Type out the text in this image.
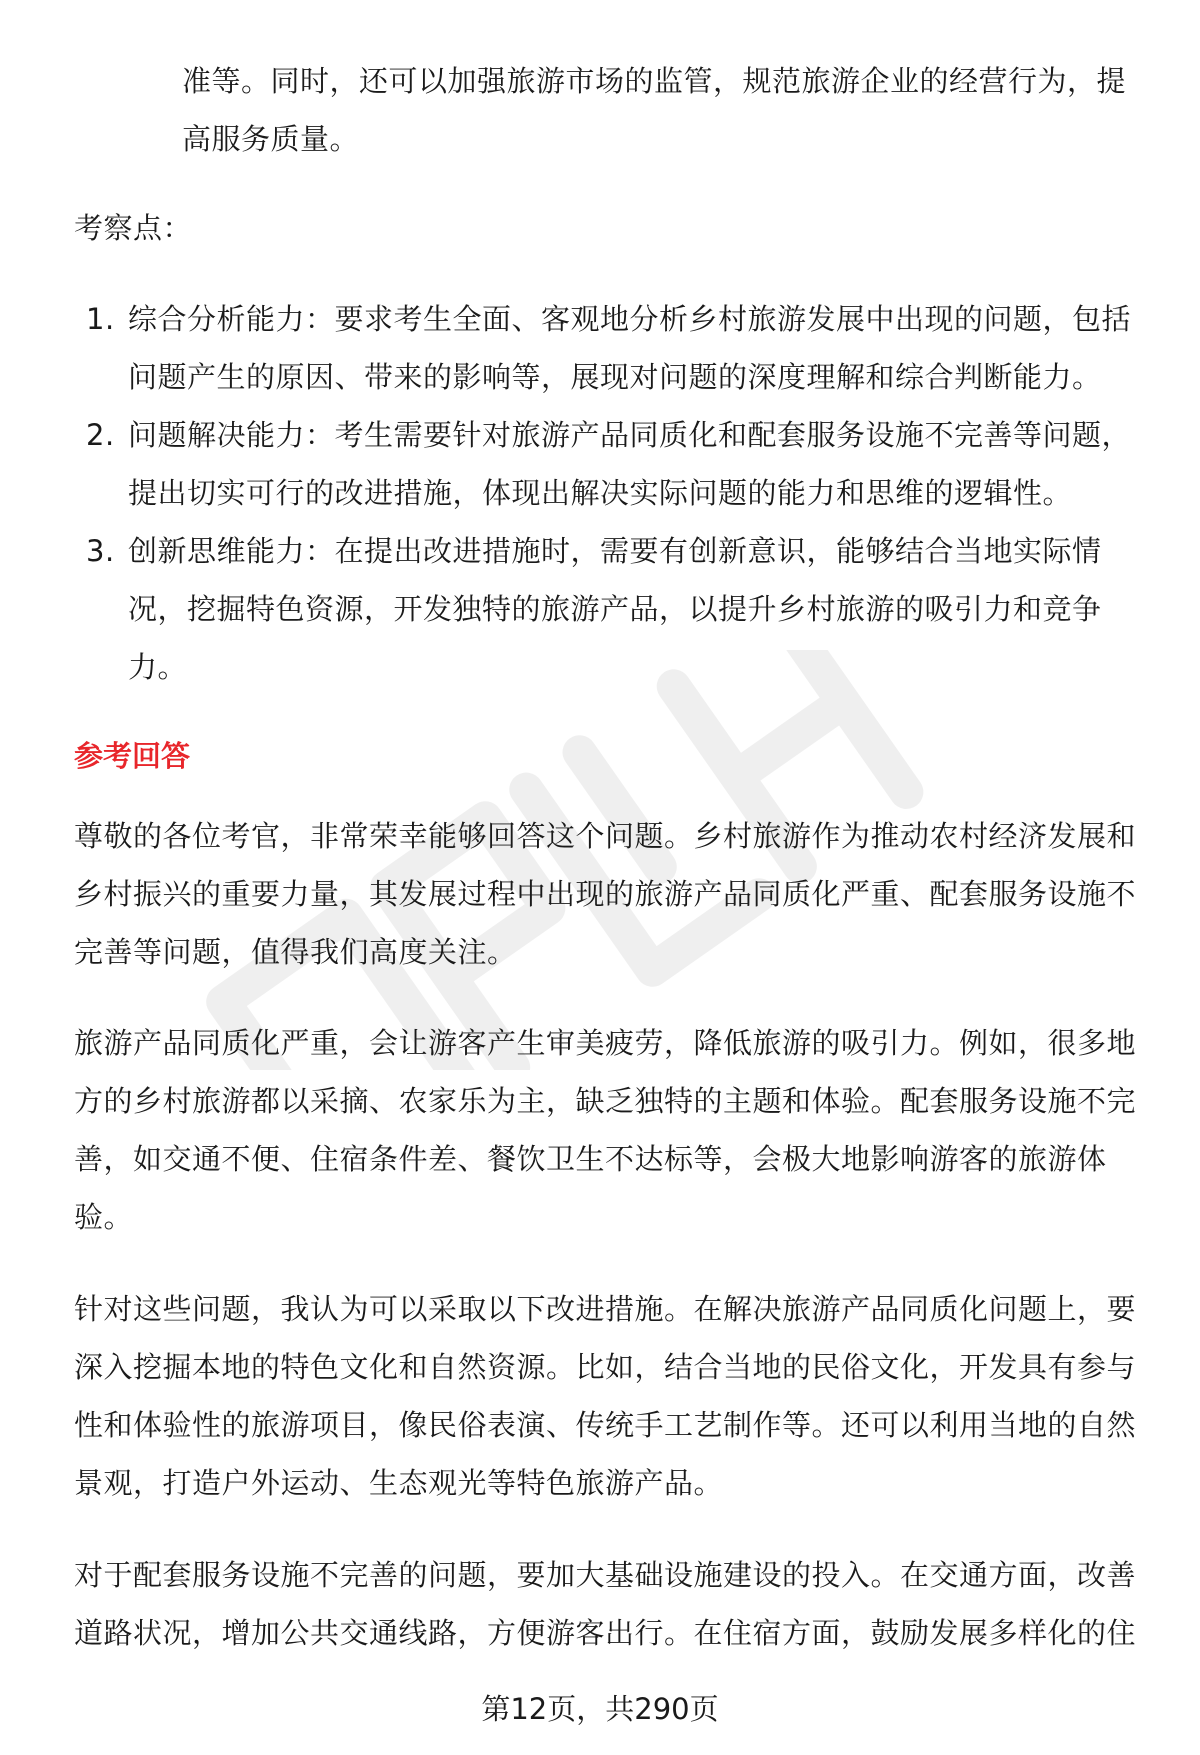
准等。同时，还可以加强旅游市场的监管，规范旅游企业的经营行为，提
高服务质量。
考察点：
1. 综合分析能力：要求考生全面、客观地分析乡村旅游发展中出现的问题，包括
问题产生的原因、带来的影响等，展现对问题的深度理解和综合判断能力。
2. 问题解决能力：考生需要针对旅游产品同质化和配套服务设施不完善等问题，
提出切实可行的改进措施，体现出解决实际问题的能力和思维的逻辑性。
3. 创新思维能力：在提出改进措施时，需要有创新意识，能够结合当地实际情
况，挖掘特色资源，开发独特的旅游产品，以提升乡村旅游的吸引力和竞争
力。
参考回答
尊敬的各位考官，非常荣幸能够回答这个问题。乡村旅游作为推动农村经济发展和
乡村振兴的重要力量，其发展过程中出现的旅游产品同质化严重、配套服务设施不
完善等问题，值得我们高度关注。
旅游产品同质化严重，会让游客产生审美疲劳，降低旅游的吸引力。例如，很多地
方的乡村旅游都以采摘、农家乐为主，缺乏独特的主题和体验。配套服务设施不完
善，如交通不便、住宿条件差、餐饮卫生不达标等，会极大地影响游客的旅游体
验。
针对这些问题，我认为可以采取以下改进措施。在解决旅游产品同质化问题上，要
深入挖掘本地的特色文化和自然资源。比如，结合当地的民俗文化，开发具有参与
性和体验性的旅游项目，像民俗表演、传统手工艺制作等。还可以利用当地的自然
景观，打造户外运动、生态观光等特色旅游产品。
对于配套服务设施不完善的问题，要加大基础设施建设的投入。在交通方面，改善
道路状况，增加公共交通线路，方便游客出行。在住宿方面，鼓励发展多样化的住
第12页，共290页
